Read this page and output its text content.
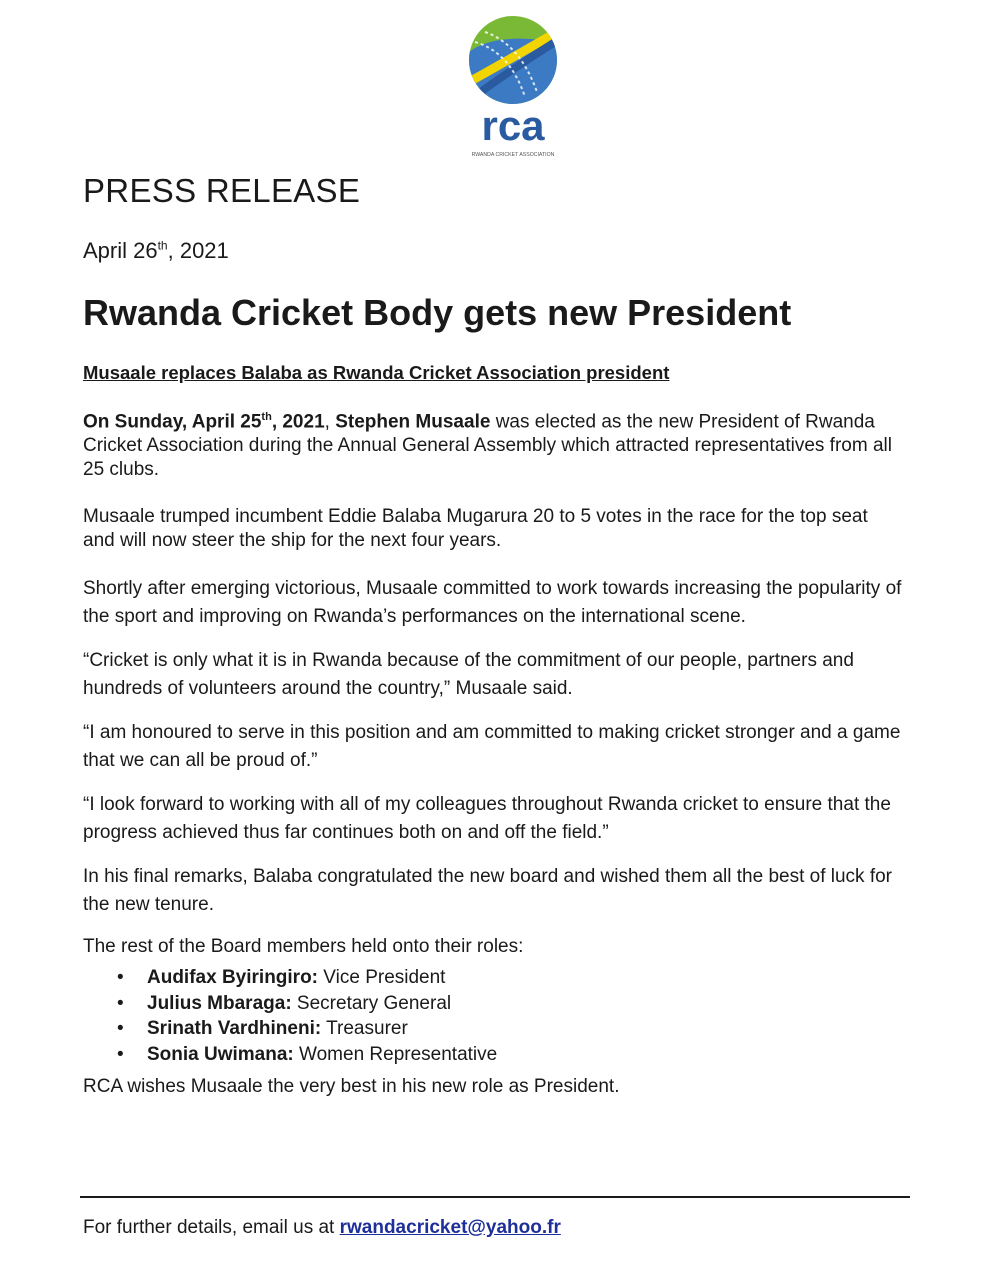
rca
RWANDA CRICKET ASSOCIATION
PRESS RELEASE
April 26th, 2021
Rwanda Cricket Body gets new President
Musaale replaces Balaba as Rwanda Cricket Association president

On Sunday, April 25th, 2021, Stephen Musaale was elected as the new President of Rwanda Cricket Association during the Annual General Assembly which attracted representatives from all 25 clubs.

Musaale trumped incumbent Eddie Balaba Mugarura 20 to 5 votes in the race for the top seat and will now steer the ship for the next four years.

Shortly after emerging victorious, Musaale committed to work towards increasing the popularity of the sport and improving on Rwanda’s performances on the international scene.

“Cricket is only what it is in Rwanda because of the commitment of our people, partners and hundreds of volunteers around the country,” Musaale said.

“I am honoured to serve in this position and am committed to making cricket stronger and a game that we can all be proud of.”

“I look forward to working with all of my colleagues throughout Rwanda cricket to ensure that the progress achieved thus far continues both on and off the field.”

In his final remarks, Balaba congratulated the new board and wished them all the best of luck for the new tenure.

The rest of the Board members held onto their roles:

• Audifax Byiringiro: Vice President
• Julius Mbaraga: Secretary General
• Srinath Vardhineni: Treasurer
• Sonia Uwimana: Women Representative

RCA wishes Musaale the very best in his new role as President.

For further details, email us at rwandacricket@yahoo.fr
